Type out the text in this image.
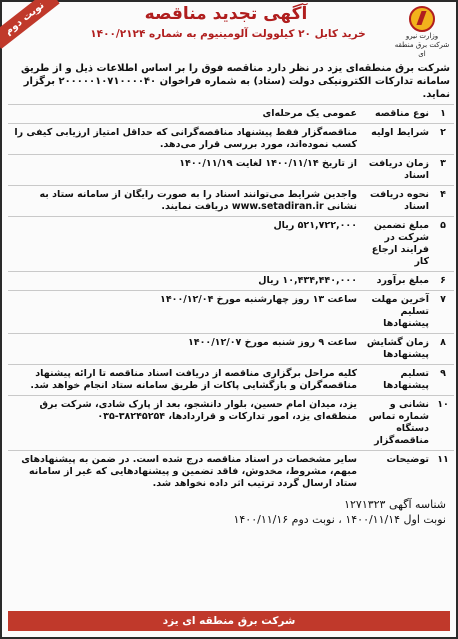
نوبت دوم	آگهی تجدید مناقصه
خرید کابل ۲۰ کیلوولت آلومینیوم به شماره ۱۴۰۰/۲۱۲۴	وزارت نیرو
شرکت برق منطقه ای
شرکت برق منطقه‌ای یزد در نظر دارد مناقصه فوق را بر اساس اطلاعات ذیل و از طریق سامانه تدارکات الکترونیکی دولت (ستاد) به شماره فراخوان ۲۰۰۰۰۰۱۰۷۱۰۰۰۰۴۰ برگزار نماید.
۱	نوع مناقصه	عمومی یک مرحله‌ای
۲	شرایط اولیه	مناقصه‌گزار فقط پیشنهاد مناقصه‌گرانی که حداقل امتیاز ارزیابی کیفی را کسب نموده‌اند، مورد بررسی قرار می‌دهد.
۳	زمان دریافت اسناد	از تاریخ ۱۴۰۰/۱۱/۱۴ لغایت ۱۴۰۰/۱۱/۱۹
۴	نحوه دریافت اسناد	واجدین شرایط می‌توانند اسناد را به صورت رایگان از سامانه ستاد به نشانی www.setadiran.ir دریافت نمایند.
۵	مبلغ تضمین شرکت در فرایند ارجاع کار	۵۲۱,۷۲۲,۰۰۰ ریال
۶	مبلغ برآورد	۱۰,۴۳۴,۴۴۰,۰۰۰ ریال
۷	آخرین مهلت تسلیم پیشنهادها	ساعت ۱۳ روز چهارشنبه مورخ ۱۴۰۰/۱۲/۰۴
۸	زمان گشایش پیشنهادها	ساعت ۹ روز شنبه مورخ ۱۴۰۰/۱۲/۰۷
۹	تسلیم پیشنهادها	کلیه مراحل برگزاری مناقصه از دریافت اسناد مناقصه تا ارائه پیشنهاد مناقصه‌گران و بازگشایی پاکات از طریق سامانه ستاد انجام خواهد شد.
۱۰	نشانی و شماره تماس دستگاه مناقصه‌گزار	یزد، میدان امام حسین، بلوار دانشجو، بعد از پارک شادی، شرکت برق منطقه‌ای یزد، امور تدارکات و قراردادها، ۳۸۲۴۵۲۵۴-۰۳۵
۱۱	توضیحات	سایر مشخصات در اسناد مناقصه درج شده است. در ضمن به پیشنهادهای مبهم، مشروط، مخدوش، فاقد تضمین و پیشنهادهایی که غیر از سامانه ستاد ارسال گردد ترتیب اثر داده نخواهد شد.
شناسه آگهی ۱۲۷۱۳۲۳
نوبت اول ۱۴۰۰/۱۱/۱۴ ، نوبت دوم ۱۴۰۰/۱۱/۱۶
شرکت برق منطقه ای یزد
